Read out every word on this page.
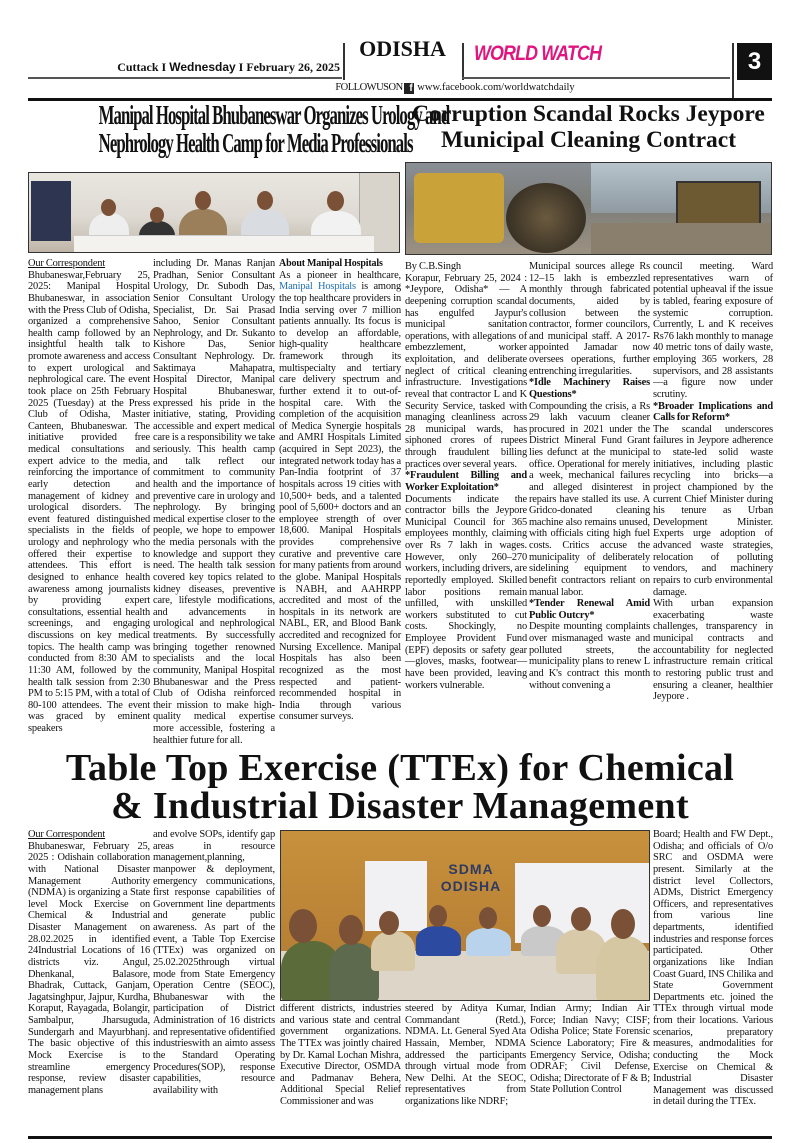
Cuttack I Wednesday I February 26, 2025
ODISHA	WORLD WATCH	3
FOLLOWUSON f www.facebook.com/worldwatchdaily
Manipal Hospital Bhubaneswar Organizes Urology and
Nephrology Health Camp for Media Professionals

Our Correspondent

Bhubaneswar,February 25, 2025: Manipal Hospital Bhubaneswar, in association with the Press Club of Odisha, organized a comprehensive health camp followed by an insightful health talk to promote awareness and access to expert urological and nephrological care. The event took place on 25th February 2025 (Tuesday) at the Press Club of Odisha, Master Canteen, Bhubaneswar. The initiative provided free medical consultations and expert advice to the media, reinforcing the importance of early detection and management of kidney and urological disorders. The event featured distinguished specialists in the fields of urology and nephrology who offered their expertise to attendees. This effort is designed to enhance health awareness among journalists by providing expert consultations, essential health screenings, and engaging discussions on key medical topics. The health camp was conducted from 8:30 AM to 11:30 AM, followed by the health talk session from 2:30 PM to 5:15 PM, with a total of 80-100 attendees. The event was graced by eminent speakers

including Dr. Manas Ranjan Pradhan, Senior Consultant Urology, Dr. Subodh Das, Senior Consultant Urology Specialist, Dr. Sai Prasad Sahoo, Senior Consultant Nephrology, and Dr. Sukanto Kishore Das, Senior Consultant Nephrology. Dr. Saktimaya Mahapatra, Hospital Director, Manipal Hospital Bhubaneswar, expressed his pride in the initiative, stating, Providing accessible and expert medical care is a responsibility we take seriously. This health camp and talk reflect our commitment to community health and the importance of preventive care in urology and nephrology. By bringing medical expertise closer to the people, we hope to empower the media personals with the knowledge and support they need. The health talk session covered key topics related to kidney diseases, preventive care, lifestyle modifications, and advancements in urological and nephrological treatments. By successfully bringing together renowned specialists and the local community, Manipal Hospital Bhubaneswar and the Press Club of Odisha reinforced their mission to make high-quality medical expertise more accessible, fostering a healthier future for all.

About Manipal Hospitals

As a pioneer in healthcare, Manipal Hospitals is among the top healthcare providers in India serving over 7 million patients annually. Its focus is to develop an affordable, high-quality healthcare framework through its multispecialty and tertiary care delivery spectrum and further extend it to out-of-hospital care. With the completion of the acquisition of Medica Synergie hospitals and AMRI Hospitals Limited (acquired in Sept 2023), the integrated network today has a Pan-India footprint of 37 hospitals across 19 cities with 10,500+ beds, and a talented pool of 5,600+ doctors and an employee strength of over 18,600. Manipal Hospitals provides comprehensive curative and preventive care for many patients from around the globe. Manipal Hospitals is NABH, and AAHRPP accredited and most of the hospitals in its network are NABL, ER, and Blood Bank accredited and recognized for Nursing Excellence. Manipal Hospitals has also been recognized as the most respected and patient-recommended hospital in India through various consumer surveys.

Corruption Scandal Rocks Jeypore
Municipal Cleaning Contract

By C.B.Singh

Korapur, February 25, 2024 : *Jeypore, Odisha* — A deepening corruption scandal has engulfed Jaypur's municipal sanitation operations, with allegations of embezzlement, worker exploitation, and deliberate neglect of critical cleaning infrastructure. Investigations reveal that contractor L and K Security Service, tasked with managing cleanliness across 28 municipal wards, has siphoned crores of rupees through fraudulent billing practices over several years.

*Fraudulent Billing and Worker Exploitation*

Documents indicate the contractor bills the Jeypore Municipal Council for 365 employees monthly, claiming over Rs 7 lakh in wages. However, only 260–270 workers, including drivers, are reportedly employed. Skilled labor positions remain unfilled, with unskilled workers substituted to cut costs. Shockingly, no Employee Provident Fund (EPF) deposits or safety gear—gloves, masks, footwear—have been provided, leaving workers vulnerable.

Municipal sources allege Rs 12–15 lakh is embezzled monthly through fabricated documents, aided by collusion between the contractor, former councilors, and municipal staff. A 2017-appointed Jamadar now oversees operations, further entrenching irregularities.

*Idle Machinery Raises Questions*

Compounding the crisis, a Rs 29 lakh vacuum cleaner procured in 2021 under the District Mineral Fund Grant lies defunct at the municipal office. Operational for merely a week, mechanical failures and alleged disinterest in repairs have stalled its use. A Gridco-donated cleaning machine also remains unused, with officials citing high fuel costs. Critics accuse the municipality of deliberately sidelining equipment to benefit contractors reliant on manual labor.

*Tender Renewal Amid Public Outcry*

Despite mounting complaints over mismanaged waste and polluted streets, the municipality plans to renew L and K's contract this month without convening a

council meeting. Ward representatives warn of potential upheaval if the issue is tabled, fearing exposure of systemic corruption. Currently, L and K receives Rs76 lakh monthly to manage 40 metric tons of daily waste, employing 365 workers, 28 supervisors, and 28 assistants—a figure now under scrutiny.

*Broader Implications and Calls for Reform*

The scandal underscores failures in Jeypore adherence to state-led solid waste initiatives, including plastic recycling into bricks—a project championed by the current Chief Minister during his tenure as Urban Development Minister. Experts urge adoption of advanced waste strategies, relocation of polluting vendors, and machinery repairs to curb environmental damage.

With urban expansion exacerbating waste challenges, transparency in municipal contracts and accountability for neglected infrastructure remain critical to restoring public trust and ensuring a cleaner, healthier Jeypore .

Table Top Exercise (TTEx) for Chemical
& Industrial Disaster Management

Our Correspondent

Bhubaneswar, February 25, 2025 : Odishain collaboration with National Disaster Management Authority (NDMA) is organizing a State level Mock Exercise on Chemical & Industrial Disaster Management on 28.02.2025 in identified 24Industrial Locations of 16 districts viz. Angul, Dhenkanal, Balasore, Bhadrak, Cuttack, Ganjam, Jagatsinghpur, Jajpur, Kurdha, Koraput, Rayagada, Bolangir, Sambalpur, Jharsuguda, Sundergarh and Mayurbhanj. The basic objective of this Mock Exercise is to streamline emergency response, review disaster management plans

and evolve SOPs, identify gap areas in resource management,planning, manpower & deployment, emergency communications, first response capabilities of Government line departments and generate public awareness. As part of the event, a Table Top Exercise (TTEx) was organized on 25.02.2025through virtual mode from State Emergency Operation Centre (SEOC), Bhubaneswar with the participation of District Administration of 16 districts and representative ofidentified industrieswith an aimto assess the Standard Operating Procedures(SOP), response capabilities, resource availability with

SDMA
ODISHA

different districts, industries and various state and central government organizations. The TTEx was jointly chaired by Dr. Kamal Lochan Mishra, Executive Director, OSMDA and Padmanav Behera, Additional Special Relief Commissioner and was

steered by Aditya Kumar, Commandant (Retd.), NDMA. Lt. General Syed Ata Hassain, Member, NDMA addressed the participants through virtual mode from New Delhi. At the SEOC, representatives from organizations like NDRF;

Indian Army; Indian Air Force; Indian Navy; CISF; Odisha Police; State Forensic Science Laboratory; Fire & Emergency Service, Odisha; ODRAF; Civil Defense, Odisha; Directorate of F & B; State Pollution Control

Board; Health and FW Dept., Odisha; and officials of O/o SRC and OSDMA were present. Similarly at the district level Collectors, ADMs, District Emergency Officers, and representatives from various line departments, identified industries and response forces participated. Other organizations like Indian Coast Guard, INS Chilika and State Government Departments etc. joined the TTEx through virtual mode from their locations. Various scenarios, preparatory measures, andmodalities for conducting the Mock Exercise on Chemical & Industrial Disaster Management was discussed in detail during the TTEx.
